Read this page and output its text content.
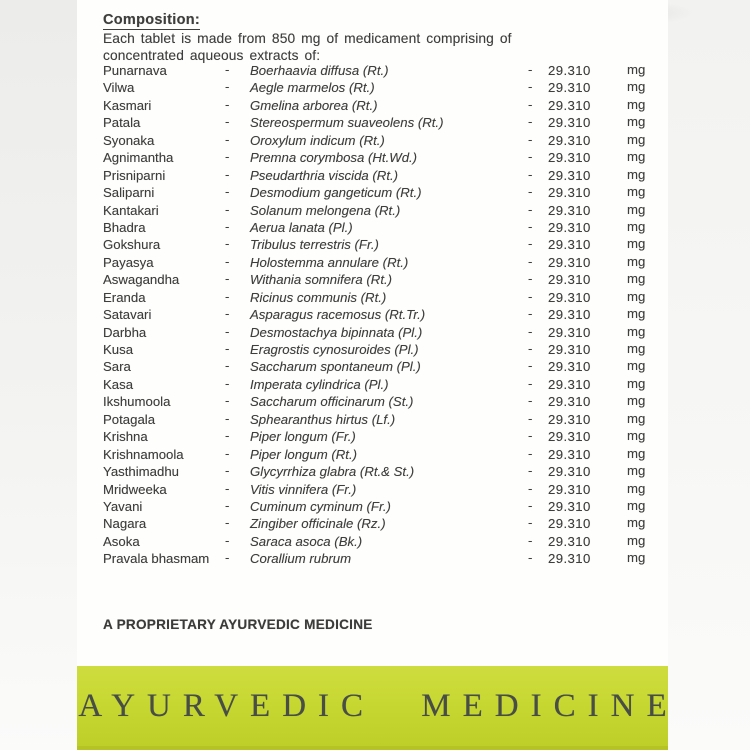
Composition:
Each tablet is made from 850 mg of medicament comprising of
concentrated aqueous extracts of:
Punarnava	- Boerhaavia diffusa (Rt.)	- 29.310	mg
Vilwa	- Aegle marmelos (Rt.)	- 29.310	mg
Kasmari	- Gmelina arborea (Rt.)	- 29.310	mg
Patala	- Stereospermum suaveolens (Rt.)	- 29.310	mg
Syonaka	- Oroxylum indicum (Rt.)	- 29.310	mg
Agnimantha	- Premna corymbosa (Ht.Wd.)	- 29.310	mg
Prisniparni	- Pseudarthria viscida (Rt.)	- 29.310	mg
Saliparni	- Desmodium gangeticum (Rt.)	- 29.310	mg
Kantakari	- Solanum melongena (Rt.)	- 29.310	mg
Bhadra	- Aerua lanata (Pl.)	- 29.310	mg
Gokshura	- Tribulus terrestris (Fr.)	- 29.310	mg
Payasya	- Holostemma annulare (Rt.)	- 29.310	mg
Aswagandha	- Withania somnifera (Rt.)	- 29.310	mg
Eranda	- Ricinus communis (Rt.)	- 29.310	mg
Satavari	- Asparagus racemosus (Rt.Tr.)	- 29.310	mg
Darbha	- Desmostachya bipinnata (Pl.)	- 29.310	mg
Kusa	- Eragrostis cynosuroides (Pl.)	- 29.310	mg
Sara	- Saccharum spontaneum (Pl.)	- 29.310	mg
Kasa	- Imperata cylindrica (Pl.)	- 29.310	mg
Ikshumoola	- Saccharum officinarum (St.)	- 29.310	mg
Potagala	- Sphearanthus hirtus (Lf.)	- 29.310	mg
Krishna	- Piper longum (Fr.)	- 29.310	mg
Krishnamoola	- Piper longum (Rt.)	- 29.310	mg
Yasthimadhu	- Glycyrrhiza glabra (Rt.& St.)	- 29.310	mg
Mridweeka	- Vitis vinnifera (Fr.)	- 29.310	mg
Yavani	- Cuminum cyminum (Fr.)	- 29.310	mg
Nagara	- Zingiber officinale (Rz.)	- 29.310	mg
Asoka	- Saraca asoca (Bk.)	- 29.310	mg
Pravala bhasmam - Corallium rubrum	- 29.310	mg
A PROPRIETARY AYURVEDIC MEDICINE
AYURVEDIC MEDICINE
